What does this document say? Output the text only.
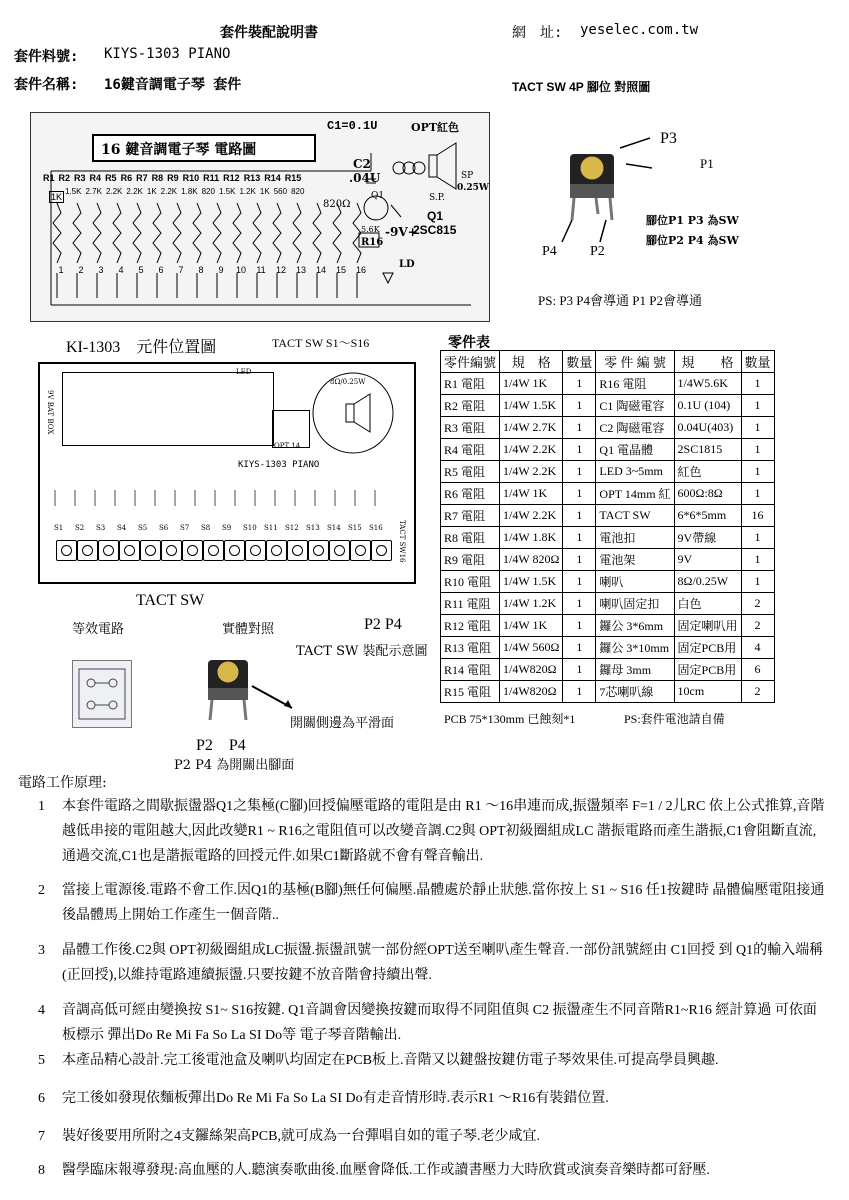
套件裝配說明書	網　址: yeselec.com.tw
套件料號: KIYS-1303 PIANO
套件名稱: 16鍵音調電子琴 套件	TACT SW 4P 腳位 對照圖
16 鍵音調電子琴 電路圖
C1=0.1U	OPT紅色
C2
.04U
R1 R2 R3 R4 R5 R6 R7 R8 R9 R10 R11 R12 R13 R14 R15
1.5K 2.7K 2.2K 2.2K 1K 2.2K 1.8K 820 1.5K 1.2K 1K 560 820
1K
820Ω
Q1
Q1
2SC815
SP
0.25W
S.P.
5.6K
R16
-9V+
LD
1	2	3	4	5	6	7	8	9	10	11	12	13	14	15	16
P3
P1
P4 P2
腳位P1 P3 為SW
腳位P2 P4 為SW
PS: P3 P4會導通 P1 P2會導通
KI-1303　元件位置圖	TACT SW S1～S16
9V BAT BOX
LED
OPT 14
8Ω/0.25W
KIYS-1303 PIANO
TACT SW16
S1	S2	S3	S4	S5	S6	S7	S8	S9	S10	S11	S12	S13	S14	S15	S16
TACT SW
等效電路	實體對照	P2 P4
TACT SW 裝配示意圖
開關側邊為平滑面
P2　P4
P2 P4 為開關出腳面
零件表
零件編號	規　格	數量	零 件 編 號	規　　格	數量
R1 電阻	1/4W 1K	1	R16 電阻	1/4W5.6K	1
R2 電阻	1/4W 1.5K	1	C1 陶磁電容	0.1U (104)	1
R3 電阻	1/4W 2.7K	1	C2 陶磁電容	0.04U(403)	1
R4 電阻	1/4W 2.2K	1	Q1 電晶體	2SC1815	1
R5 電阻	1/4W 2.2K	1	LED 3~5mm	紅色	1
R6 電阻	1/4W 1K	1	OPT 14mm 紅	600Ω:8Ω	1
R7 電阻	1/4W 2.2K	1	TACT SW	6*6*5mm	16
R8 電阻	1/4W 1.8K	1	電池扣	9V帶線	1
R9 電阻	1/4W 820Ω	1	電池架	9V	1
R10 電阻	1/4W 1.5K	1	喇叭	8Ω/0.25W	1
R11 電阻	1/4W 1.2K	1	喇叭固定扣	白色	2
R12 電阻	1/4W 1K	1	鑼公 3*6mm	固定喇叭用	2
R13 電阻	1/4W 560Ω	1	鑼公 3*10mm	固定PCB用	4
R14 電阻	1/4W820Ω	1	鑼母 3mm	固定PCB用	6
R15 電阻	1/4W820Ω	1	7芯喇叭線	10cm	2
PCB 75*130mm 已蝕刻*1	PS:套件電池請自備
電路工作原理:
1	本套件電路之間歇振盪器Q1之集極(C腳)回授偏壓電路的電阻是由 R1 ～16串連而成,振盪頻率 F=1 / 2儿RC 依上公式推算,音階越低串接的電阻越大,因此改變R1 ~ R16之電阻值可以改變音調.C2與 OPT初級圈組成LC 諧振電路而產生諧振,C1會阻斷直流,通過交流,C1也是諧振電路的回授元件.如果C1斷路就不會有聲音輸出.
2	當接上電源後.電路不會工作.因Q1的基極(B腳)無任何偏壓.晶體處於靜止狀態.當你按上 S1 ~ S16 任1按鍵時 晶體偏壓電阻接通後晶體馬上開始工作產生一個音階..
3	晶體工作後.C2與 OPT初級圈組成LC振盪.振盪訊號一部份經OPT送至喇叭產生聲音.一部份訊號經由 C1回授 到 Q1的輸入端稱(正回授),以維持電路連續振盪.只要按鍵不放音階會持續出聲.
4	音調高低可經由變換按 S1~ S16按鍵. Q1音調會因變換按鍵而取得不同阻值與 C2 振盪產生不同音階R1~R16 經計算過 可依面板標示 彈出Do Re Mi Fa So La SI Do等 電子琴音階輸出.
5	本產品精心設計.完工後電池盒及喇叭均固定在PCB板上.音階又以鍵盤按鍵仿電子琴效果佳.可提高學員興趣.
6	完工後如發現依麵板彈出Do Re Mi Fa So La SI Do有走音情形時.表示R1 ～R16有裝錯位置.
7	裝好後要用所附之4支鑼絲架高PCB,就可成為一台彈唱自如的電子琴.老少咸宜.
8	醫學臨床報導發現:高血壓的人.聽演奏歌曲後.血壓會降低.工作或讀書壓力大時欣賞或演奏音樂時都可舒壓.
